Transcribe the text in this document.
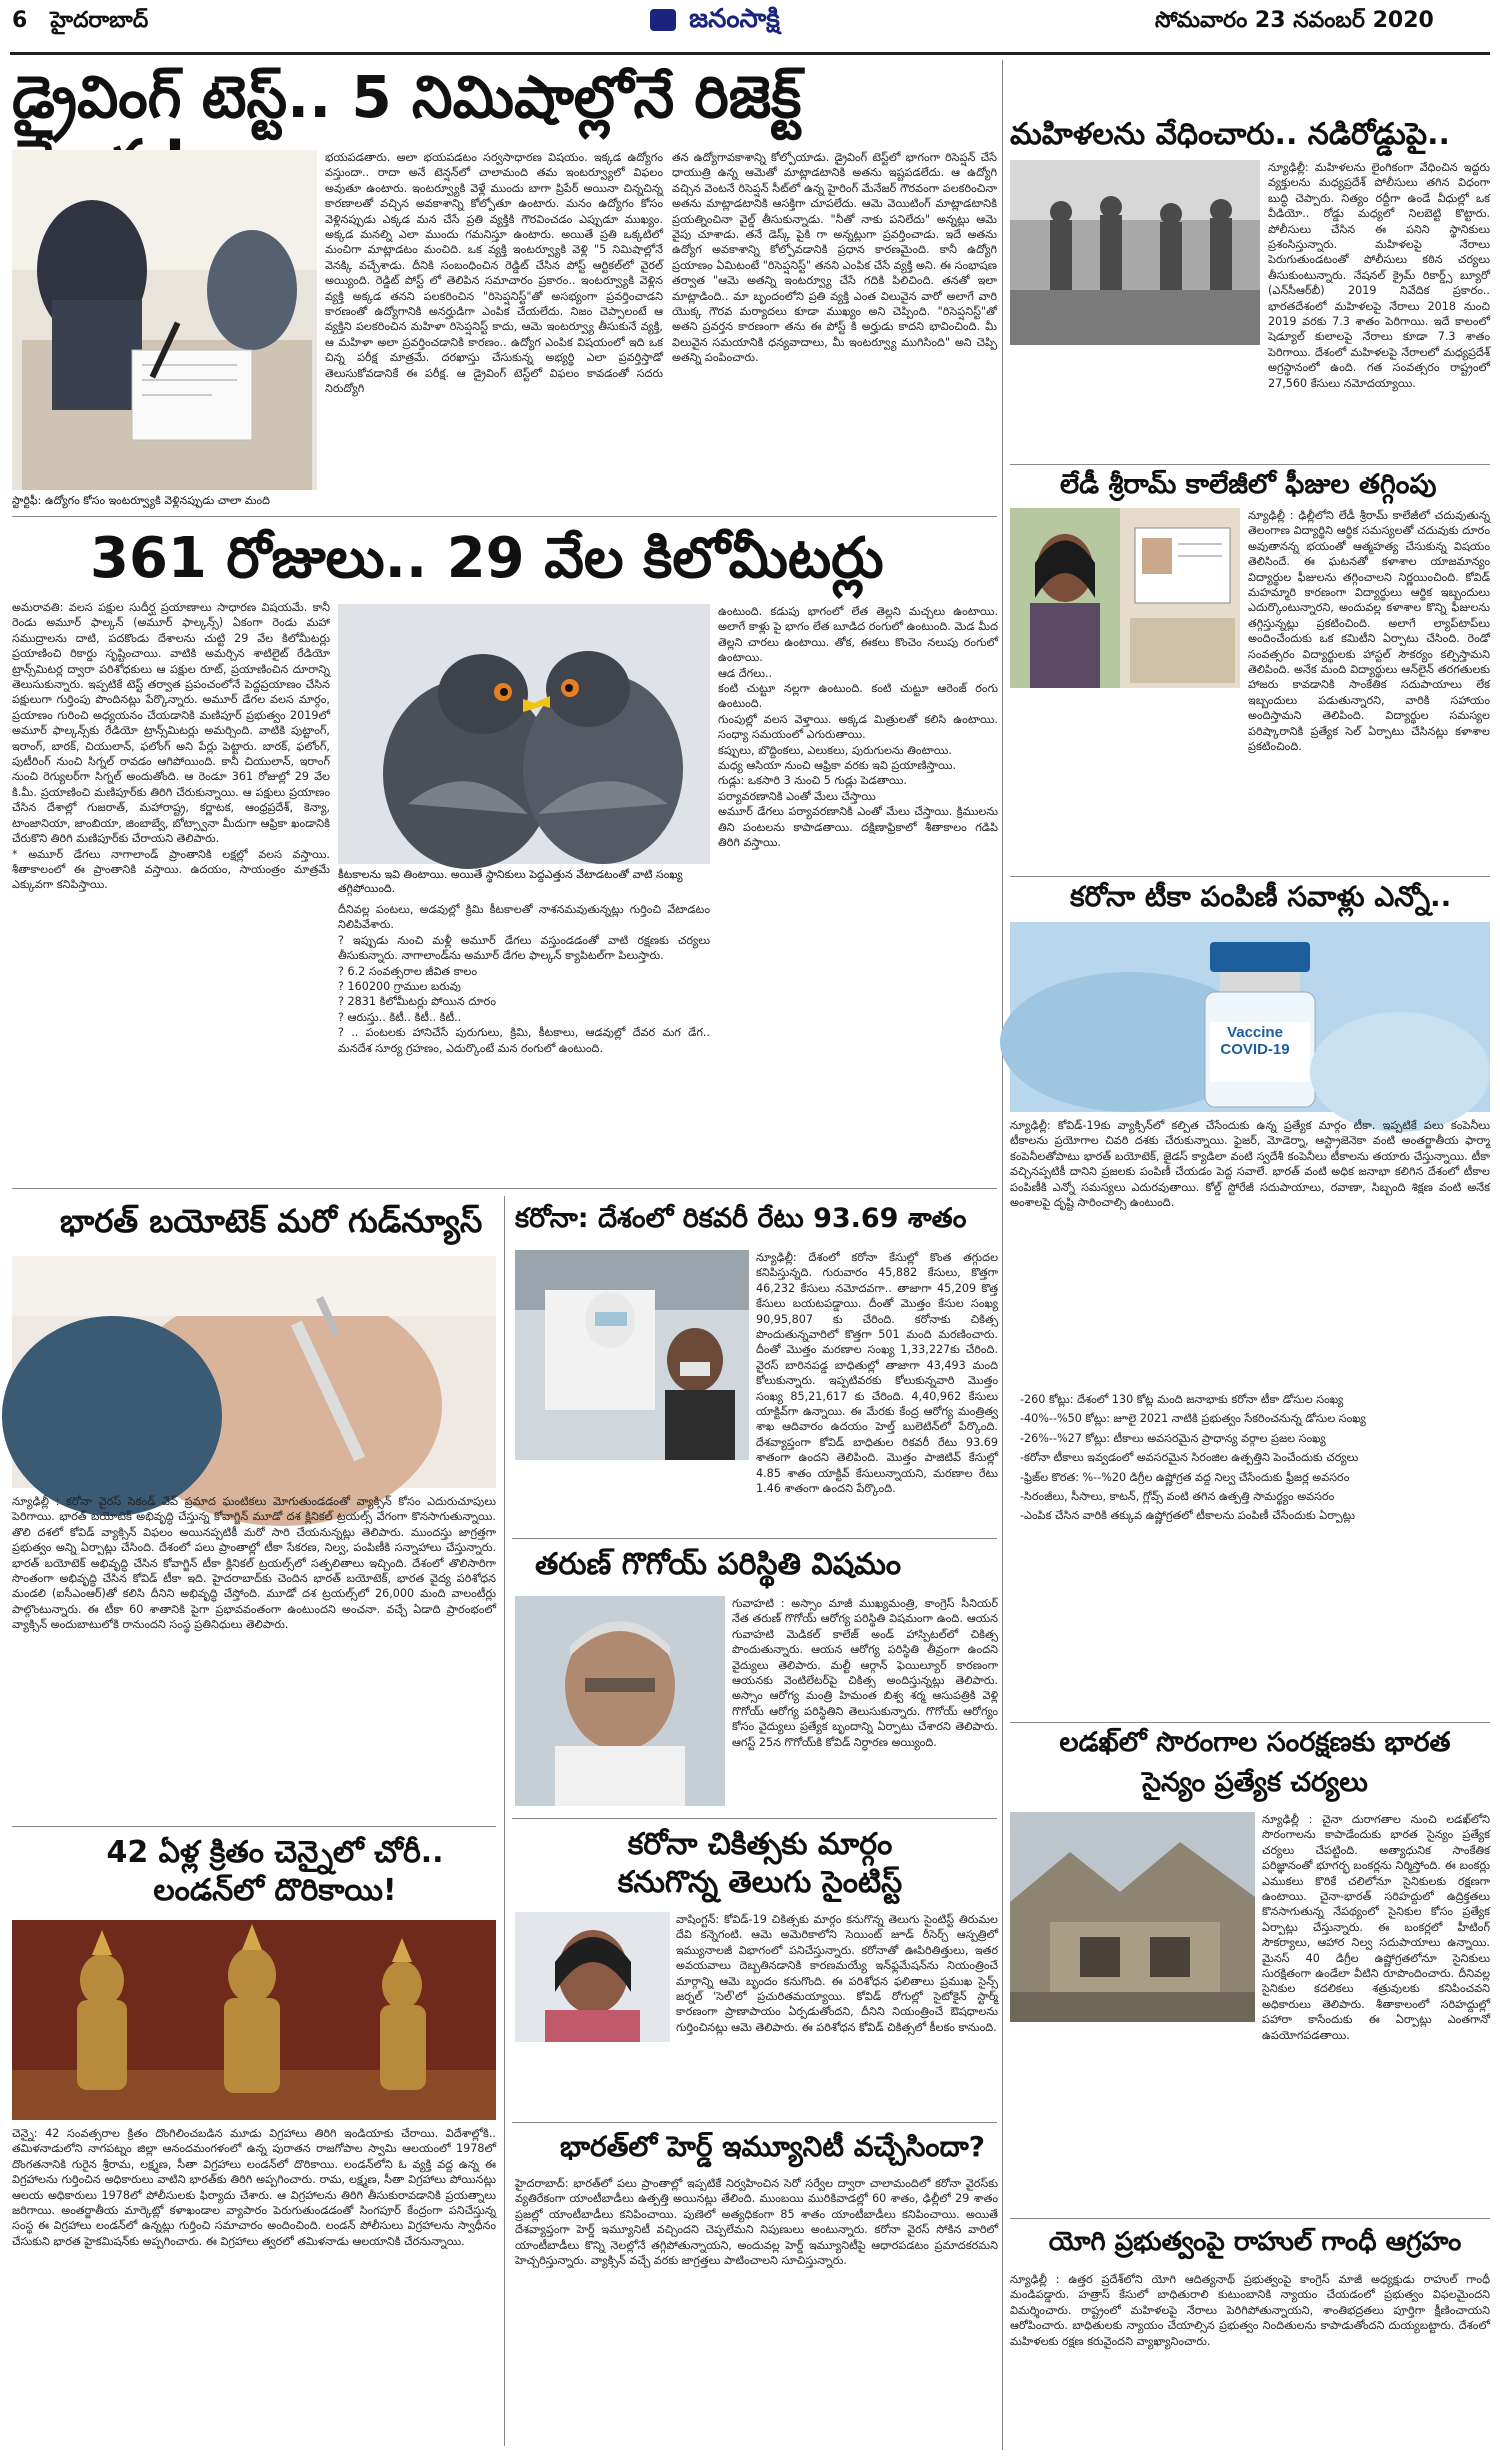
6 హైదరాబాద్	జనంసాక్షి	సోమవారం 23 నవంబర్ 2020
డ్రైవింగ్ టెస్ట్.. 5 నిమిషాల్లోనే రిజెక్ట్
స్టార్టిఫీ: ఉద్యోగం కోసం ఇంటర్వ్యూకి వెళ్లినప్పుడు చాలా మంది
భయపడతారు. అలా భయపడటం సర్వసాధారణ విషయం. ఇక్కడ ఉద్యోగం వస్తుందా.. రాదా అనే టెన్షన్‌లో చాలామంది తమ ఇంటర్వ్యూలో విఫలం అవుతూ ఉంటారు. ఇంటర్వ్యూకి వెళ్లే ముందు బాగా ప్రిపేర్ అయినా చిన్నచిన్న కారణాలతో వచ్చిన అవకాశాన్ని కోల్పోతూ ఉంటారు. మనం ఉద్యోగం కోసం వెళ్లినప్పుడు ఎక్కడ మన చేసే ప్రతి వ్యక్తికి గౌరవించడం ఎప్పుడూ ముఖ్యం. అక్కడ మనల్ని ఎలా ముందు గమనిస్తూ ఉంటారు. అయితే ప్రతి ఒక్కటిలో మంచిగా మాట్లాడటం మంచిది. ఒక వ్యక్తి ఇంటర్వ్యూకి వెళ్లి "5 నిమిషాల్లోనే వెనక్కి వచ్చేశాడు. దీనికి సంబంధించిన రెడ్డిట్ చేసిన పోస్ట్ ఆర్టికల్‌లో వైరల్ అయ్యింది. రెడ్డిట్ పోస్ట్ లో తెలిపిన సమాచారం ప్రకారం.. ఇంటర్వ్యూకి వెళ్లిన వ్యక్తి అక్కడ తనని పలకరించిన "రిసెప్షనిస్ట్"తో అసభ్యంగా ప్రవర్తించాడని కారణంతో ఉద్యోగానికి అనర్హుడిగా ఎంపిక చేయలేదు. నిజం చెప్పాలంటే ఆ వ్యక్తిని పలకరించిన మహిళా రిసెప్షనిస్ట్ కాదు, ఆమె ఇంటర్వ్యూ తీసుకునే వ్యక్తి, ఆ మహిళా అలా ప్రవర్తించడానికి కారణం.. ఉద్యోగ ఎంపిక విషయంలో ఇది ఒక చిన్న పరీక్ష మాత్రమే. దరఖాస్తు చేసుకున్న అభ్యర్థి ఎలా ప్రవర్తిస్తాడో తెలుసుకోవడానికే ఈ పరీక్ష. ఆ డ్రైవింగ్ టెస్ట్‌లో విఫలం కావడంతో సదరు నిరుద్యోగి
తన ఉద్యోగావకాశాన్ని కోల్పోయాడు. డ్రైవింగ్ టెస్ట్‌లో భాగంగా రిసెప్షన్ చేసే ధాయుత్రి ఉన్న ఆమెతో మాట్లాడటానికి అతను ఇష్టపడలేదు. ఆ ఉద్యోగి వచ్చిన వెంటనే రిసెప్షన్ సీట్‌లో ఉన్న హైరింగ్ మేనేజర్ గౌరవంగా పలకరించినా అతను మాట్లాడటానికి ఆసక్తిగా చూపలేదు. ఆమె వెయిటింగ్ మాట్లాడటానికి ప్రయత్నించినా వైల్డ్ తీసుకున్నాడు. "నీతో నాకు పనిలేదు" అన్నట్లు ఆమె వైపు చూశాడు. తనే డెస్క్ పైకి గా అన్నట్లుగా ప్రవర్తించాడు. ఇదే అతను ఉద్యోగ అవకాశాన్ని కోల్పోవడానికి ప్రధాన కారణమైంది. కానీ ఉద్యోగి ప్రయాణం ఏమిటంటే "రిసెప్షనిస్ట్" తనని ఎంపిక చేసే వ్యక్తి అని. ఈ సంభాషణ తర్వాత "ఆమె అతన్ని ఇంటర్వ్యూ చేసే గదికి పిలిచింది. తనతో ఇలా మాట్లాడింది.. మా బృందంలోని ప్రతి వ్యక్తి ఎంత విలువైన వారో అలాగే వారి యొక్క గౌరవ మర్యాదలు కూడా ముఖ్యం అని చెప్పింది. "రిసెప్షనిస్ట్"తో అతని ప్రవర్తన కారణంగా తను ఈ పోస్ట్ కి అర్హుడు కాదని భావించింది. మీ విలువైన సమయానికి ధన్యవాదాలు, మీ ఇంటర్వ్యూ ముగిసింది" అని చెప్పి అతన్ని పంపించారు.
361 రోజులు.. 29 వేల కిలోమీటర్లు
అమరావతి: వలస పక్షుల సుదీర్ఘ ప్రయాణాలు సాధారణ విషయమే. కానీ రెండు అమూర్ ఫాల్కన్ (అమూర్ ఫాల్కన్స్) ఏకంగా రెండు మహా సముద్రాలను దాటి, పదకొండు దేశాలను చుట్టి 29 వేల కిలోమీటర్లు ప్రయాణించి రికార్డు సృష్టించాయి. వాటికి అమర్చిన శాటిలైట్ రేడియో ట్రాన్స్‌మిటర్ల ద్వారా పరిశోధకులు ఆ పక్షుల రూట్, ప్రయాణించిన దూరాన్ని తెలుసుకున్నారు. ఇప్పటికే టెస్ట్ తర్వాత ప్రపంచంలోనే పెద్దప్రయాణం చేసిన పక్షులుగా గుర్తింపు పొందినట్లు పేర్కొన్నారు. అమూర్ డేగల వలస మార్గం, ప్రయాణం గురించి అధ్యయనం చేయడానికి మణిపూర్ ప్రభుత్వం 2019లో అమూర్ ఫాల్కన్స్‌కు రేడియో ట్రాన్స్‌మిటర్లు అమర్చింది. వాటికి పుట్టాంగ్, ఇరాంగ్, బారక్, చియులాన్, ఫలోంగ్ అని పేర్లు పెట్టారు. బారక్, ఫలోంగ్, పుటీరింగ్ నుంచి సిగ్నల్ రావడం ఆగిపోయింది. కానీ చియులాన్, ఇరాంగ్ నుంచి రెగ్యులర్‌గా సిగ్నల్ అందుతోంది. ఆ రెండూ 361 రోజుల్లో 29 వేల కి.మీ. ప్రయాణించి మణిపూర్‌కు తిరిగి చేరుకున్నాయి. ఆ పక్షులు ప్రయాణం చేసిన దేశాల్లో గుజరాత్, మహారాష్ట్ర, కర్ణాటక, ఆంధ్రప్రదేశ్, కెన్యా, టాంజానియా, జాంబియా, జింబాబ్వే, బోట్స్వానా మీదుగా ఆఫ్రికా ఖండానికి చేరుకొని తిరిగి మణిపూర్‌కు చేరాయని తెలిపారు.
* అమూర్ డేగలు నాగాలాండ్ ప్రాంతానికి లక్షల్లో వలస వస్తాయి. శీతాకాలంలో ఈ ప్రాంతానికి వస్తాయి. ఉదయం, సాయంత్రం మాత్రమే ఎక్కువగా కనిపిస్తాయి.
కీటకాలను ఇవి తింటాయి. అయితే స్థానికులు పెద్దఎత్తున వేటాడటంతో వాటి సంఖ్య తగ్గిపోయింది.
దీనివల్ల పంటలు, అడవుల్లో క్రిమి కీటకాలతో నాశనమవుతున్నట్లు గుర్తించి వేటాడటం నిలిపివేశారు.
? ఇప్పుడు నుంచి మళ్లీ అమూర్ డేగలు వస్తుండడంతో వాటి రక్షణకు చర్యలు తీసుకున్నారు. నాగాలాండ్‌ను అమూర్ డేగల ఫాల్కన్ క్యాపిటల్‌గా పిలుస్తారు.
? 6.2 సంవత్సరాల జీవిత కాలం
? 160200 గ్రాముల బరువు
? 2831 కిలోమీటర్లు పోయిన దూరం
? ఆరుస్తు.. కిటీ.. కిటీ.. కిటీ..
? .. పంటలకు హానిచేసే పురుగులు, క్రిమి, కీటకాలు, ఆడవుల్లో దేవర మగ డేగ.. మనదేశ సూర్య గ్రహణం, ఎదుర్కొంటే మన రంగులో ఉంటుంది.
ఉంటుంది. కడుపు భాగంలో లేత తెల్లని మచ్చలు ఉంటాయి. అలాగే కాళ్లు పై భాగం లేత బూడిద రంగులో ఉంటుంది. మెడ మీద తెల్లని చారలు ఉంటాయి. తోక, ఈకలు కొంచెం నలుపు రంగులో ఉంటాయి.
ఆడ దేగలు..
కంటి చుట్టూ నల్లగా ఉంటుంది. కంటి చుట్టూ ఆరెంజ్ రంగు ఉంటుంది.
గుంపుల్లో వలస వెళ్తాయి. అక్కడ మిత్రులతో కలిసి ఉంటాయి. సంధ్యా సమయంలో ఎగురుతాయి.
కప్పులు, బొద్దింకలు, ఎలుకలు, పురుగులను తింటాయి.
మధ్య ఆసియా నుంచి ఆఫ్రికా వరకు ఇవి ప్రయాణిస్తాయి.
గుడ్లు: ఒకసారి 3 నుంచి 5 గుడ్లు పెడతాయి.
పర్యావరణానికి ఎంతో మేలు చేస్తాయి
అమూర్ డేగలు పర్యావరణానికి ఎంతో మేలు చేస్తాయి. క్రిములను తిని పంటలను కాపాడతాయి. దక్షిణాఫ్రికాలో శీతాకాలం గడిపి తిరిగి వస్తాయి.
భారత్ బయోటెక్ మరో గుడ్‌న్యూస్
న్యూఢిల్లీ : కరోనా వైరస్ సెకండ్ వేవ్ ప్రమాద ఘంటికలు మోగుతుండడంతో వ్యాక్సిన్ కోసం ఎదురుచూపులు పెరిగాయి. భారత్ బయోటెక్ అభివృద్ధి చేస్తున్న కోవాగ్జిన్ మూడో దశ క్లినికల్ ట్రయల్స్ వేగంగా కొనసాగుతున్నాయి. తొలి దశలో కోవిడ్ వ్యాక్సిన్ విఫలం అయినప్పటికీ మరో సారి చేయనున్నట్లు తెలిపారు. ముందస్తు జాగ్రత్తగా ప్రభుత్వం అన్ని ఏర్పాట్లు చేసింది. దేశంలో పలు ప్రాంతాల్లో టీకా సేకరణ, నిల్వ, పంపిణీకి సన్నాహాలు చేస్తున్నారు. భారత్ బయోటెక్ అభివృద్ధి చేసిన కోవాగ్జిన్ టీకా క్లినికల్ ట్రయల్స్‌లో సత్ఫలితాలు ఇచ్చింది. దేశంలో తొలిసారిగా సొంతంగా అభివృద్ధి చేసిన కోవిడ్ టీకా ఇది. హైదరాబాద్‌కు చెందిన భారత్ బయోటెక్, భారత వైద్య పరిశోధన మండలి (ఐసీఎంఆర్)తో కలిసి దీనిని అభివృద్ధి చేస్తోంది. మూడో దశ ట్రయల్స్‌లో 26,000 మంది వాలంటీర్లు పాల్గొంటున్నారు. ఈ టీకా 60 శాతానికి పైగా ప్రభావవంతంగా ఉంటుందని అంచనా. వచ్చే ఏడాది ప్రారంభంలో వ్యాక్సిన్ అందుబాటులోకి రానుందని సంస్థ ప్రతినిధులు తెలిపారు.
42 ఏళ్ల క్రితం చెన్నైలో చోరీ..
లండన్‌లో దొరికాయి!
చెన్నై: 42 సంవత్సరాల క్రితం దొంగిలించబడిన మూడు విగ్రహాలు తిరిగి ఇండియాకు చేరాయి. విదేశాల్లోకి.. తమిళనాడులోని నాగపట్నం జిల్లా ఆనందమంగళంలో ఉన్న పురాతన రాజగోపాల స్వామి ఆలయంలో 1978లో దొంగతనానికి గురైన శ్రీరామ, లక్ష్మణ, సీతా విగ్రహాలు లండన్‌లో దొరికాయి. లండన్‌లోని ఓ వ్యక్తి వద్ద ఉన్న ఈ విగ్రహాలను గుర్తించిన అధికారులు వాటిని భారత్‌కు తిరిగి అప్పగించారు. రామ, లక్ష్మణ, సీతా విగ్రహాలు పోయినట్లు ఆలయ అధికారులు 1978లో పోలీసులకు ఫిర్యాదు చేశారు. ఆ విగ్రహాలను తిరిగి తీసుకురావడానికి ప్రయత్నాలు జరిగాయి. అంతర్జాతీయ మార్కెట్లో కళాఖండాల వ్యాపారం పెరుగుతుండడంతో సింగపూర్ కేంద్రంగా పనిచేస్తున్న సంస్థ ఈ విగ్రహాలు లండన్‌లో ఉన్నట్లు గుర్తించి సమాచారం అందించింది. లండన్ పోలీసులు విగ్రహాలను స్వాధీనం చేసుకుని భారత హైకమిషన్‌కు అప్పగించారు. ఈ విగ్రహాలు త్వరలో తమిళనాడు ఆలయానికి చేరనున్నాయి.
కరోనా: దేశంలో రికవరీ రేటు 93.69 శాతం
న్యూఢిల్లీ: దేశంలో కరోనా కేసుల్లో కొంత తగ్గుదల కనిపిస్తున్నది. గురువారం 45,882 కేసులు, కొత్తగా 46,232 కేసులు నమోదవగా.. తాజాగా 45,209 కొత్త కేసులు బయటపడ్డాయి. దీంతో మొత్తం కేసుల సంఖ్య 90,95,807 కు చేరింది. కరోనాకు చికిత్స పొందుతున్నవారిలో కొత్తగా 501 మంది మరణించారు. దీంతో మొత్తం మరణాల సంఖ్య 1,33,227కు చేరింది. వైరస్ బారినపడ్డ బాధితుల్లో తాజాగా 43,493 మంది కోలుకున్నారు. ఇప్పటివరకు కోలుకున్నవారి మొత్తం సంఖ్య 85,21,617 కు చేరింది. 4,40,962 కేసులు యాక్టివ్‌గా ఉన్నాయి. ఈ మేరకు కేంద్ర ఆరోగ్య మంత్రిత్వ శాఖ ఆదివారం ఉదయం హెల్త్ బులెటిన్‌లో పేర్కొంది. దేశవ్యాప్తంగా కోవిడ్ బాధితుల రికవరీ రేటు 93.69 శాతంగా ఉందని తెలిపింది. మొత్తం పాజిటివ్ కేసుల్లో 4.85 శాతం యాక్టివ్ కేసులున్నాయని, మరణాల రేటు 1.46 శాతంగా ఉందని పేర్కొంది.
తరుణ్ గొగోయ్ పరిస్థితి విషమం
గువాహటి : అస్సాం మాజీ ముఖ్యమంత్రి, కాంగ్రెస్ సీనియర్ నేత తరుణ్ గొగోయ్ ఆరోగ్య పరిస్థితి విషమంగా ఉంది. ఆయన గువాహటి మెడికల్ కాలేజ్ అండ్ హాస్పిటల్‌లో చికిత్స పొందుతున్నారు. ఆయన ఆరోగ్య పరిస్థితి తీవ్రంగా ఉందని వైద్యులు తెలిపారు. మల్టీ ఆర్గాన్ ఫెయిల్యూర్ కారణంగా ఆయనకు వెంటిలేటర్‌పై చికిత్స అందిస్తున్నట్లు తెలిపారు. అస్సాం ఆరోగ్య మంత్రి హిమంత బిశ్వ శర్మ ఆసుపత్రికి వెళ్లి గొగోయ్ ఆరోగ్య పరిస్థితిని తెలుసుకున్నారు. గొగోయ్ ఆరోగ్యం కోసం వైద్యులు ప్రత్యేక బృందాన్ని ఏర్పాటు చేశారని తెలిపారు. ఆగస్ట్ 25న గొగోయ్‌కి కోవిడ్ నిర్ధారణ అయ్యింది.
కరోనా చికిత్సకు మార్గం
కనుగొన్న తెలుగు సైంటిస్ట్
వాషింగ్టన్: కోవిడ్-19 చికిత్సకు మార్గం కనుగొన్న తెలుగు సైంటిస్ట్ తిరుమల దేవి కన్నెగంటి. ఆమె అమెరికాలోని సెయింట్ జూడ్ రీసెర్చ్ ఆస్పత్రిలో ఇమ్యునాలజీ విభాగంలో పనిచేస్తున్నారు. కరోనాతో ఊపిరితిత్తులు, ఇతర అవయవాలు దెబ్బతినడానికి కారణమయ్యే ఇన్‌ఫ్లమేషన్‌ను నియంత్రించే మార్గాన్ని ఆమె బృందం కనుగొంది. ఈ పరిశోధన ఫలితాలు ప్రముఖ సైన్స్ జర్నల్ 'సెల్'లో ప్రచురితమయ్యాయి. కోవిడ్ రోగుల్లో సైటోకైన్ స్టార్మ్ కారణంగా ప్రాణాపాయం ఏర్పడుతోందని, దీనిని నియంత్రించే ఔషధాలను గుర్తించినట్లు ఆమె తెలిపారు. ఈ పరిశోధన కోవిడ్ చికిత్సలో కీలకం కానుంది.
భారత్‌లో హెర్డ్ ఇమ్యూనిటీ వచ్చేసిందా?
హైదరాబాద్: భారత్‌లో పలు ప్రాంతాల్లో ఇప్పటికే నిర్వహించిన సెరో సర్వేల ద్వారా చాలామందిలో కరోనా వైరస్‌కు వ్యతిరేకంగా యాంటీబాడీలు ఉత్పత్తి అయినట్లు తేలింది. ముంబయి మురికివాడల్లో 60 శాతం, ఢిల్లీలో 29 శాతం ప్రజల్లో యాంటీబాడీలు కనిపించాయి. పుణెలో అత్యధికంగా 85 శాతం యాంటీబాడీలు కనిపించాయి. అయితే దేశవ్యాప్తంగా హెర్డ్ ఇమ్యూనిటీ వచ్చిందని చెప్పలేమని నిపుణులు అంటున్నారు. కరోనా వైరస్ సోకిన వారిలో యాంటీబాడీలు కొన్ని నెలల్లోనే తగ్గిపోతున్నాయని, అందువల్ల హెర్డ్ ఇమ్యూనిటీపై ఆధారపడటం ప్రమాదకరమని హెచ్చరిస్తున్నారు. వ్యాక్సిన్ వచ్చే వరకు జాగ్రత్తలు పాటించాలని సూచిస్తున్నారు.
మహిళలను వేధించారు.. నడిరోడ్డుపై..
న్యూఢిల్లీ: మహిళలను లైంగికంగా వేధించిన ఇద్దరు వ్యక్తులను మధ్యప్రదేశ్ పోలీసులు తగిన విధంగా బుద్ధి చెప్పారు. నిత్యం రద్దీగా ఉండే వీధుల్లో ఒక వీడియో.. రోడ్డు మధ్యలో నిలబెట్టి కొట్టారు. పోలీసులు చేసిన ఈ పనిని స్థానికులు ప్రశంసిస్తున్నారు. మహిళలపై నేరాలు పెరుగుతుండటంతో పోలీసులు కఠిన చర్యలు తీసుకుంటున్నారు. నేషనల్ క్రైమ్ రికార్డ్స్ బ్యూరో (ఎన్‌సీఆర్‌బీ) 2019 నివేదిక ప్రకారం.. భారతదేశంలో మహిళలపై నేరాలు 2018 నుంచి 2019 వరకు 7.3 శాతం పెరిగాయి. ఇదే కాలంలో షెడ్యూల్ కులాలపై నేరాలు కూడా 7.3 శాతం పెరిగాయి. దేశంలో మహిళలపై నేరాలలో మధ్యప్రదేశ్ అగ్రస్థానంలో ఉంది. గత సంవత్సరం రాష్ట్రంలో 27,560 కేసులు నమోదయ్యాయి.
లేడీ శ్రీరామ్ కాలేజీలో ఫీజుల తగ్గింపు
న్యూఢిల్లీ : ఢిల్లీలోని లేడీ శ్రీరామ్ కాలేజీలో చదువుతున్న తెలంగాణ విద్యార్థిని ఆర్థిక సమస్యలతో చదువుకు దూరం అవుతానన్న భయంతో ఆత్మహత్య చేసుకున్న విషయం తెలిసిందే. ఈ ఘటనతో కళాశాల యాజమాన్యం విద్యార్థుల ఫీజులను తగ్గించాలని నిర్ణయించింది. కోవిడ్ మహమ్మారి కారణంగా విద్యార్థులు ఆర్థిక ఇబ్బందులు ఎదుర్కొంటున్నారని, అందువల్ల కళాశాల కొన్ని ఫీజులను తగ్గిస్తున్నట్లు ప్రకటించింది. అలాగే ల్యాప్‌టాప్‌లు అందించేందుకు ఒక కమిటీని ఏర్పాటు చేసింది. రెండో సంవత్సరం విద్యార్థులకు హాస్టల్ సౌకర్యం కల్పిస్తామని తెలిపింది. అనేక మంది విద్యార్థులు ఆన్‌లైన్ తరగతులకు హాజరు కావడానికి సాంకేతిక సదుపాయాలు లేక ఇబ్బందులు పడుతున్నారని, వారికి సహాయం అందిస్తామని తెలిపింది. విద్యార్థుల సమస్యల పరిష్కారానికి ప్రత్యేక సెల్ ఏర్పాటు చేసినట్లు కళాశాల ప్రకటించింది.
కరోనా టీకా పంపిణీ సవాళ్లు ఎన్నో..
Vaccine COVID-19
న్యూఢిల్లీ: కోవిడ్-19కు వ్యాక్సిన్‌లో కల్పిత చేసేందుకు ఉన్న ప్రత్యేక మార్గం టీకా. ఇప్పటికే పలు కంపెనీలు టీకాలను ప్రయోగాల చివరి దశకు చేరుకున్నాయి. ఫైజర్, మోడెర్నా, ఆస్ట్రాజెనెకా వంటి అంతర్జాతీయ ఫార్మా కంపెనీలతోపాటు భారత్ బయోటెక్, జైడస్ క్యాడిలా వంటి స్వదేశీ కంపెనీలు టీకాలను తయారు చేస్తున్నాయి. టీకా వచ్చినప్పటికీ దానిని ప్రజలకు పంపిణీ చేయడం పెద్ద సవాలే. భారత్ వంటి అధిక జనాభా కలిగిన దేశంలో టీకాల పంపిణీకి ఎన్నో సమస్యలు ఎదురవుతాయి. కోల్డ్ స్టోరేజీ సదుపాయాలు, రవాణా, సిబ్బంది శిక్షణ వంటి అనేక అంశాలపై దృష్టి సారించాల్సి ఉంటుంది.

-260 కోట్లు: దేశంలో 130 కోట్ల మంది జనాభాకు కరోనా టీకా డోసుల సంఖ్య

-40%--%50 కోట్లు: జూలై 2021 నాటికి ప్రభుత్వం సేకరించనున్న డోసుల సంఖ్య

-26%--%27 కోట్లు: టీకాలు అవసరమైన ప్రాధాన్య వర్గాల ప్రజల సంఖ్య

-కరోనా టీకాలు ఇవ్వడంలో అవసరమైన సిరంజిల ఉత్పత్తిని పెంచేందుకు చర్యలు

-ఫ్రిజ్‌ల కొరత: %--%20 డిగ్రీల ఉష్ణోగ్రత వద్ద నిల్వ చేసేందుకు ఫ్రీజర్ల అవసరం

-సిరంజీలు, సీసాలు, కాటన్, గ్లోవ్స్ వంటి తగిన ఉత్పత్తి సామర్థ్యం అవసరం

-ఎంపిక చేసిన వారికి తక్కువ ఉష్ణోగ్రతలో టీకాలను పంపిణీ చేసేందుకు ఏర్పాట్లు

లడఖ్‌లో సొరంగాల సంరక్షణకు భారత
సైన్యం ప్రత్యేక చర్యలు
న్యూఢిల్లీ : చైనా దురాగతాల నుంచి లడఖ్‌లోని సొరంగాలను కాపాడేందుకు భారత సైన్యం ప్రత్యేక చర్యలు చేపట్టింది. అత్యాధునిక సాంకేతిక పరిజ్ఞానంతో భూగర్భ బంకర్లను నిర్మిస్తోంది. ఈ బంకర్లు ఎముకలు కొరికే చలిలోనూ సైనికులకు రక్షణగా ఉంటాయి. చైనా-భారత్ సరిహద్దులో ఉద్రిక్తతలు కొనసాగుతున్న నేపథ్యంలో సైనికుల కోసం ప్రత్యేక ఏర్పాట్లు చేస్తున్నారు. ఈ బంకర్లలో హీటింగ్ సౌకర్యాలు, ఆహార నిల్వ సదుపాయాలు ఉన్నాయి. మైనస్ 40 డిగ్రీల ఉష్ణోగ్రతలోనూ సైనికులు సురక్షితంగా ఉండేలా వీటిని రూపొందించారు. దీనివల్ల సైనికుల కదలికలు శత్రువులకు కనిపించవని అధికారులు తెలిపారు. శీతాకాలంలో సరిహద్దుల్లో పహారా కాసేందుకు ఈ ఏర్పాట్లు ఎంతగానో ఉపయోగపడతాయి.
యోగి ప్రభుత్వంపై రాహుల్ గాంధీ ఆగ్రహం
న్యూఢిల్లీ : ఉత్తర ప్రదేశ్‌లోని యోగి ఆదిత్యనాథ్ ప్రభుత్వంపై కాంగ్రెస్ మాజీ అధ్యక్షుడు రాహుల్ గాంధీ మండిపడ్డారు. హత్రాస్ కేసులో బాధితురాలి కుటుంబానికి న్యాయం చేయడంలో ప్రభుత్వం విఫలమైందని విమర్శించారు. రాష్ట్రంలో మహిళలపై నేరాలు పెరిగిపోతున్నాయని, శాంతిభద్రతలు పూర్తిగా క్షీణించాయని ఆరోపించారు. బాధితులకు న్యాయం చేయాల్సిన ప్రభుత్వం నిందితులను కాపాడుతోందని దుయ్యబట్టారు. దేశంలో మహిళలకు రక్షణ కరువైందని వ్యాఖ్యానించారు.
